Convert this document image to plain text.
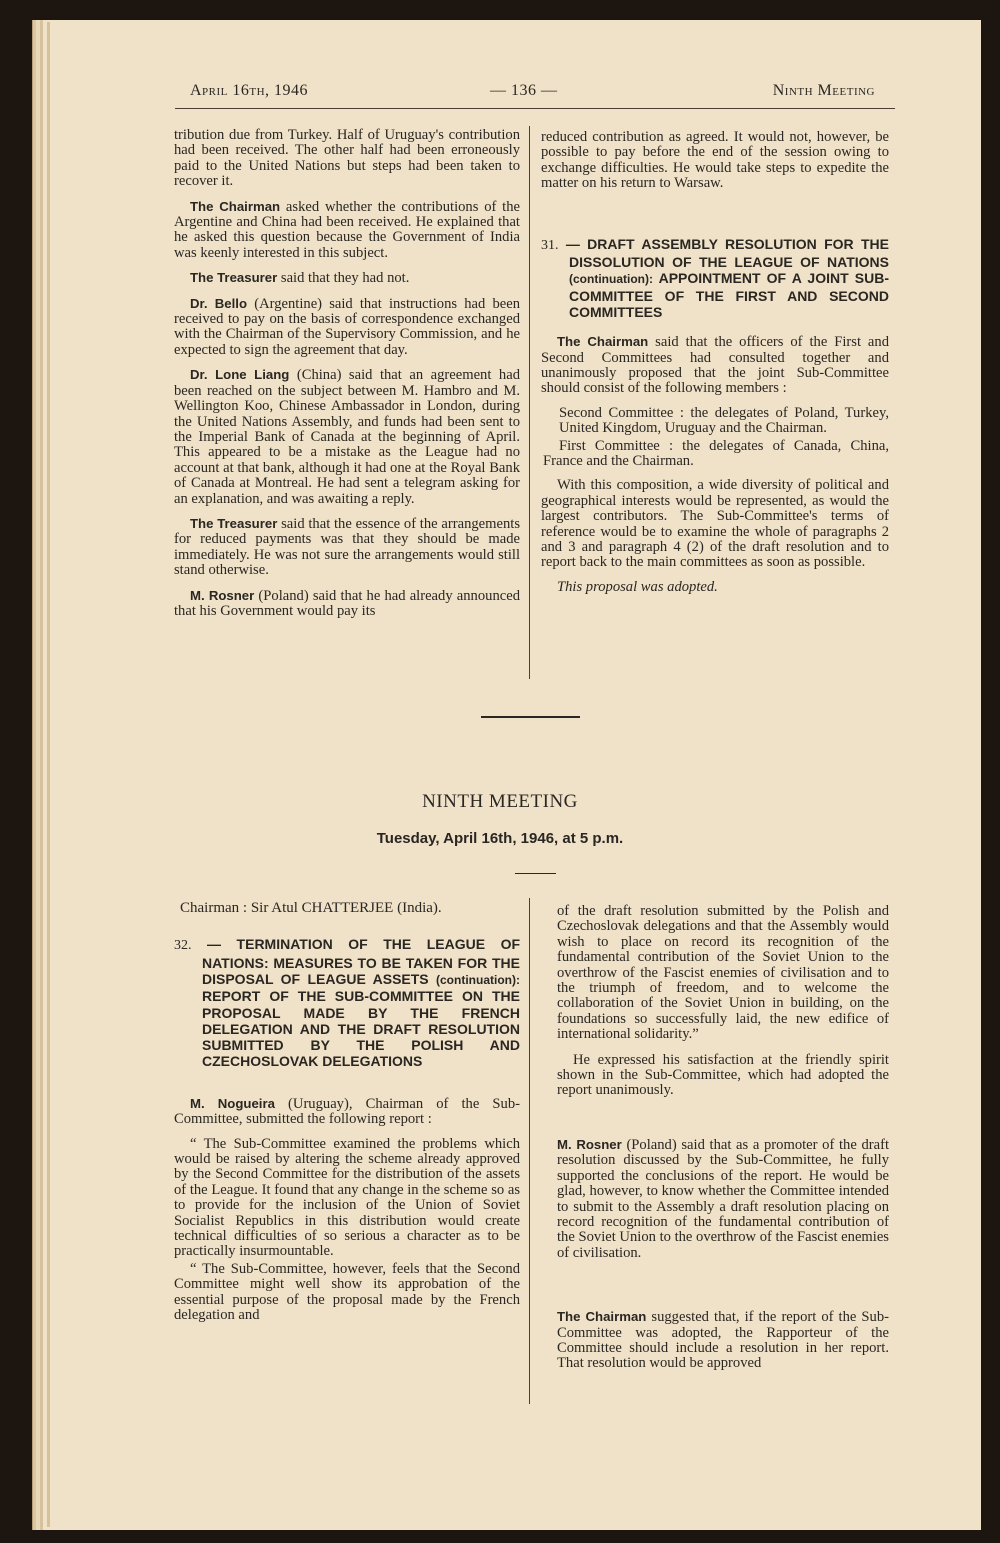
April 16th, 1946	— 136 —	Ninth Meeting

tribution due from Turkey. Half of Uruguay's contribution had been received. The other half had been erroneously paid to the United Nations but steps had been taken to recover it.

The Chairman asked whether the contributions of the Argentine and China had been received. He explained that he asked this question because the Government of India was keenly interested in this subject.

The Treasurer said that they had not.

Dr. Bello (Argentine) said that instructions had been received to pay on the basis of correspondence exchanged with the Chairman of the Supervisory Commission, and he expected to sign the agreement that day.

Dr. Lone Liang (China) said that an agreement had been reached on the subject between M. Hambro and M. Wellington Koo, Chinese Ambassador in London, during the United Nations Assembly, and funds had been sent to the Imperial Bank of Canada at the beginning of April. This appeared to be a mistake as the League had no account at that bank, although it had one at the Royal Bank of Canada at Montreal. He had sent a telegram asking for an explanation, and was awaiting a reply.

The Treasurer said that the essence of the arrangements for reduced payments was that they should be made immediately. He was not sure the arrangements would still stand otherwise.

M. Rosner (Poland) said that he had already announced that his Government would pay its

reduced contribution as agreed. It would not, however, be possible to pay before the end of the session owing to exchange difficulties. He would take steps to expedite the matter on his return to Warsaw.

31. — DRAFT ASSEMBLY RESOLUTION FOR THE DISSOLUTION OF THE LEAGUE OF NATIONS (continuation): APPOINTMENT OF A JOINT SUB-COMMITTEE OF THE FIRST AND SECOND COMMITTEES

The Chairman said that the officers of the First and Second Committees had consulted together and unanimously proposed that the joint Sub-Committee should consist of the following members :

Second Committee : the delegates of Poland, Turkey, United Kingdom, Uruguay and the Chairman.

First Committee : the delegates of Canada, China, France and the Chairman.

With this composition, a wide diversity of political and geographical interests would be represented, as would the largest contributors. The Sub-Committee's terms of reference would be to examine the whole of paragraphs 2 and 3 and paragraph 4 (2) of the draft resolution and to report back to the main committees as soon as possible.

This proposal was adopted.

NINTH MEETING
Tuesday, April 16th, 1946, at 5 p.m.

Chairman : Sir Atul CHATTERJEE (India).

32. — TERMINATION OF THE LEAGUE OF NATIONS: MEASURES TO BE TAKEN FOR THE DISPOSAL OF LEAGUE ASSETS (continuation): REPORT OF THE SUB-COMMITTEE ON THE PROPOSAL MADE BY THE FRENCH DELEGATION AND THE DRAFT RESOLUTION SUBMITTED BY THE POLISH AND CZECHOSLOVAK DELEGATIONS

M. Nogueira (Uruguay), Chairman of the Sub-Committee, submitted the following report :

“ The Sub-Committee examined the problems which would be raised by altering the scheme already approved by the Second Committee for the distribution of the assets of the League. It found that any change in the scheme so as to provide for the inclusion of the Union of Soviet Socialist Republics in this distribution would create technical difficulties of so serious a character as to be practically insurmountable.

“ The Sub-Committee, however, feels that the Second Committee might well show its approbation of the essential purpose of the proposal made by the French delegation and

of the draft resolution submitted by the Polish and Czechoslovak delegations and that the Assembly would wish to place on record its recognition of the fundamental contribution of the Soviet Union to the overthrow of the Fascist enemies of civilisation and to the triumph of freedom, and to welcome the collaboration of the Soviet Union in building, on the foundations so successfully laid, the new edifice of international solidarity.”

He expressed his satisfaction at the friendly spirit shown in the Sub-Committee, which had adopted the report unanimously.

M. Rosner (Poland) said that as a promoter of the draft resolution discussed by the Sub-Committee, he fully supported the conclusions of the report. He would be glad, however, to know whether the Committee intended to submit to the Assembly a draft resolution placing on record recognition of the fundamental contribution of the Soviet Union to the overthrow of the Fascist enemies of civilisation.

The Chairman suggested that, if the report of the Sub-Committee was adopted, the Rapporteur of the Committee should include a resolution in her report. That resolution would be approved
